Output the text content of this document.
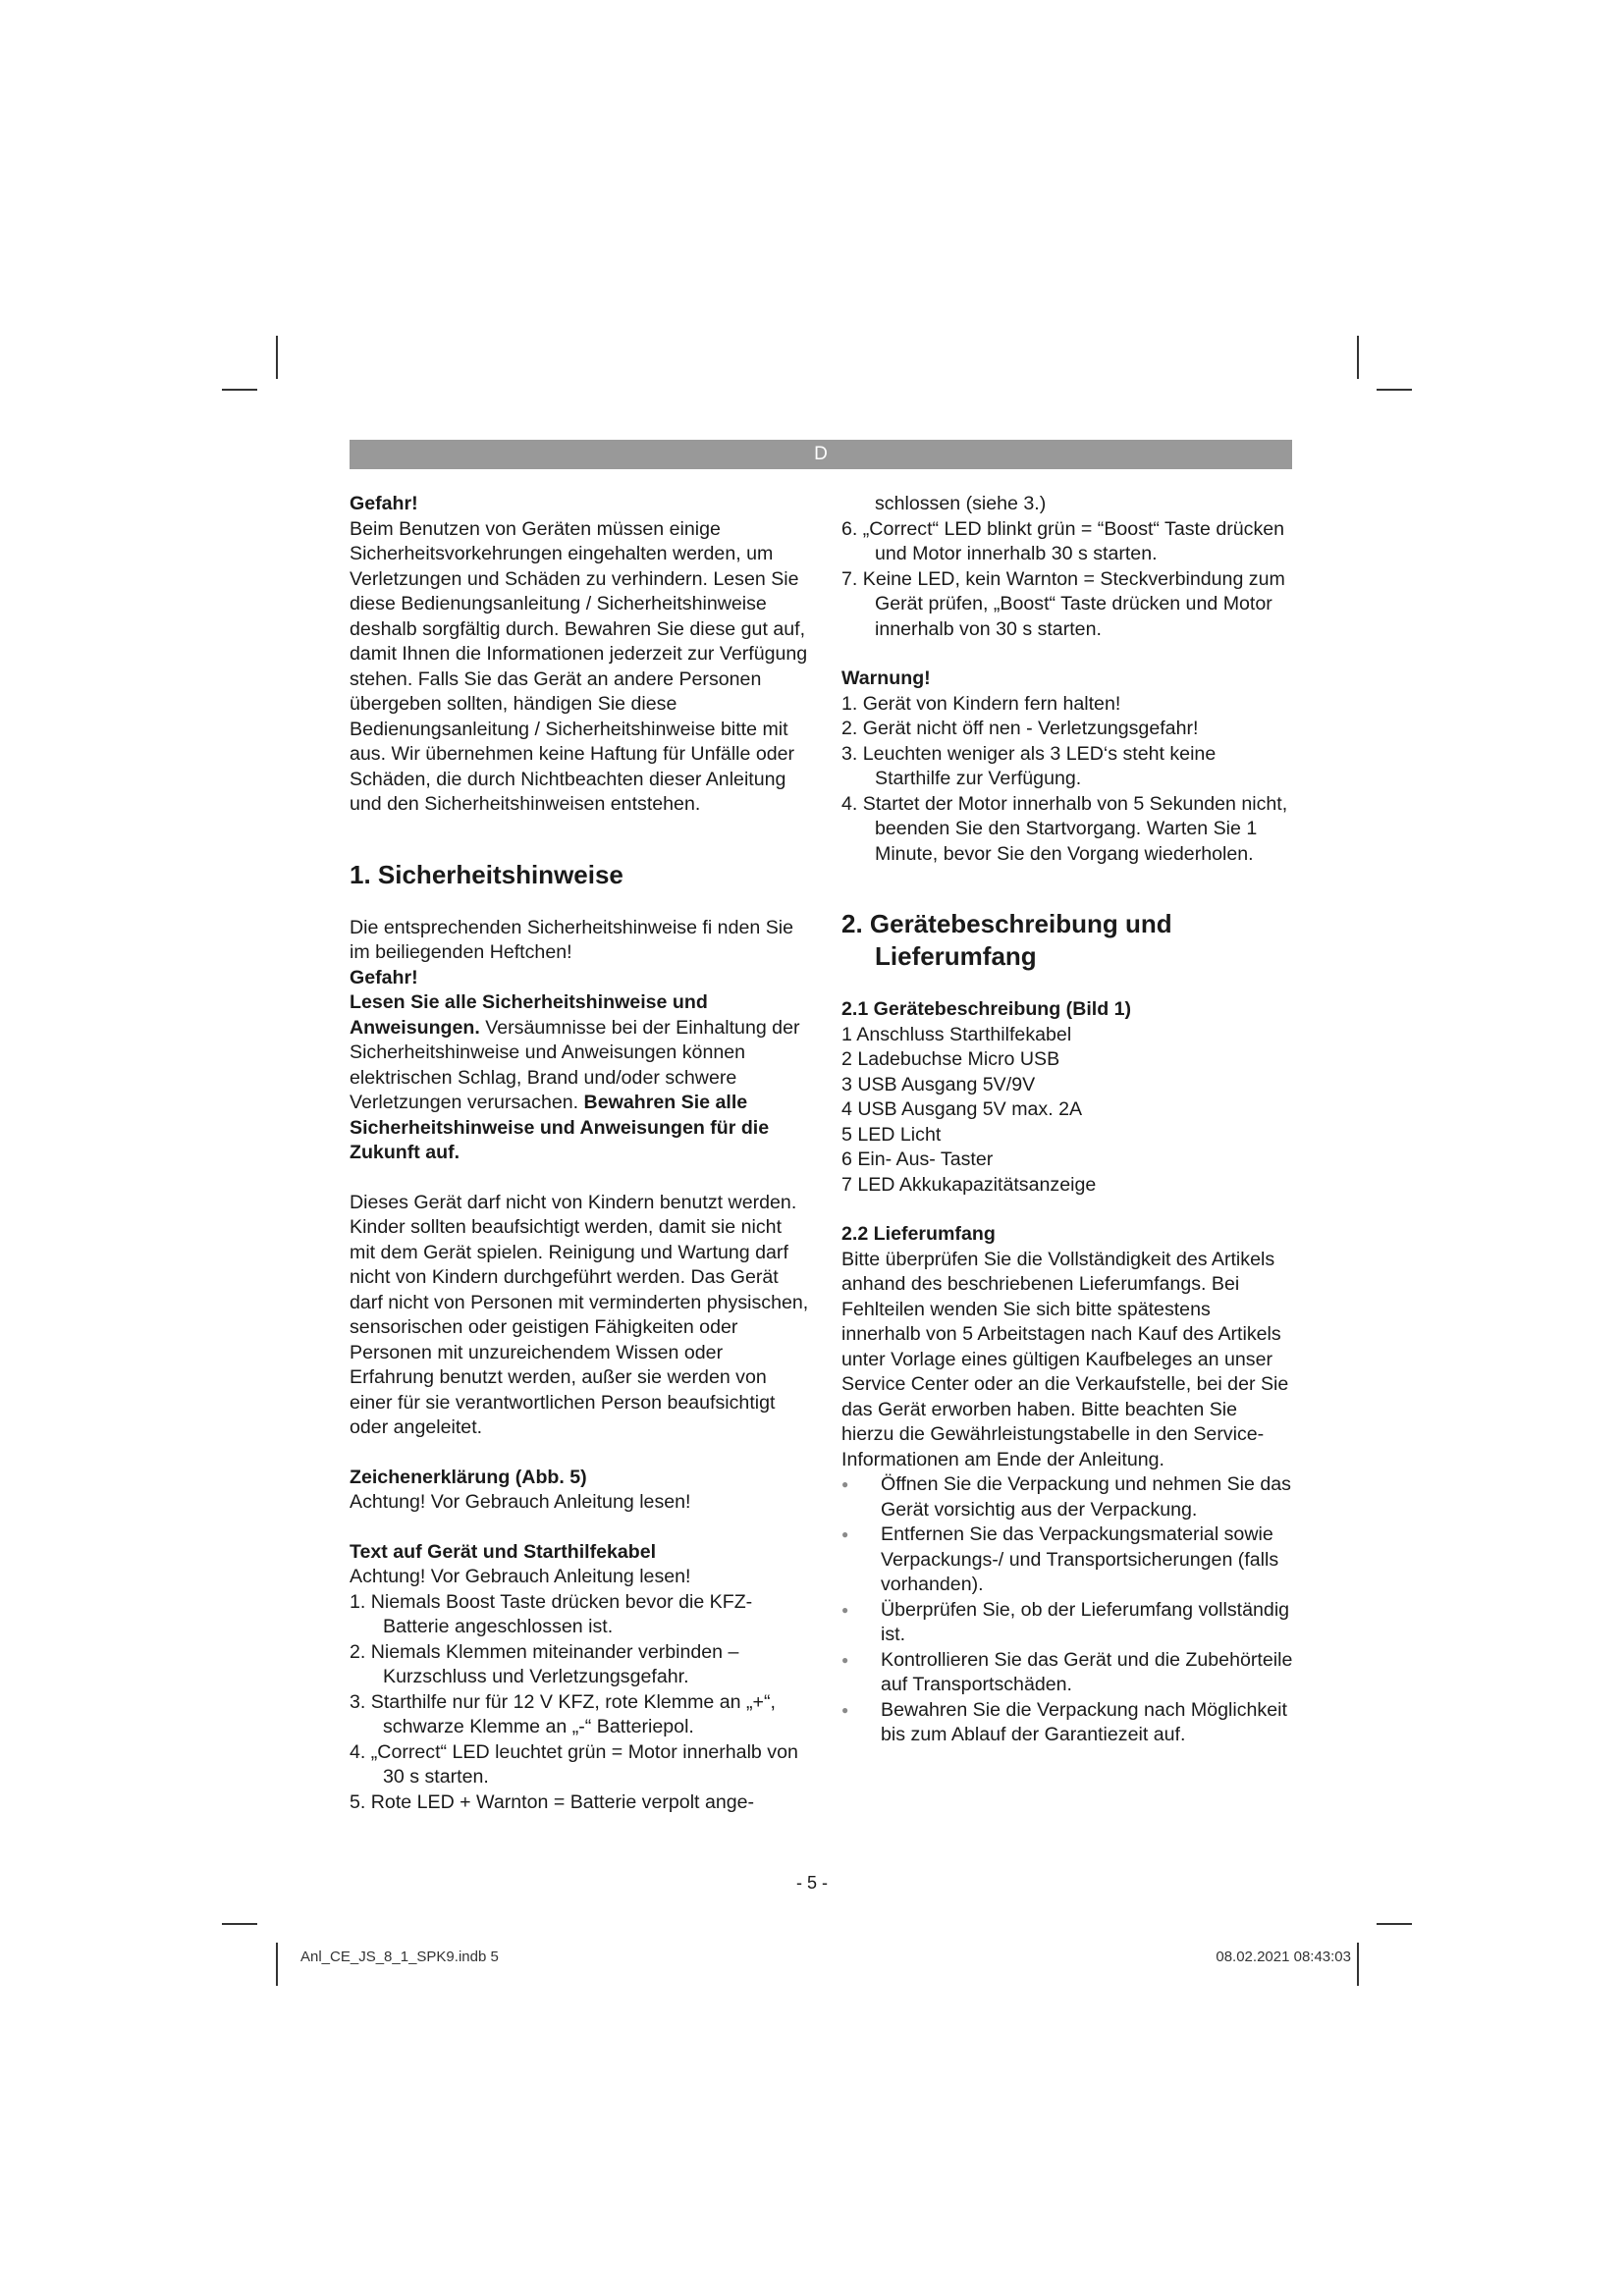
D

Gefahr!

Beim Benutzen von Geräten müssen einige Sicherheitsvorkehrungen eingehalten werden, um Verletzungen und Schäden zu verhindern. Lesen Sie diese Bedienungsanleitung / Sicherheitshinweise deshalb sorgfältig durch. Bewahren Sie diese gut auf, damit Ihnen die Informationen jederzeit zur Verfügung stehen. Falls Sie das Gerät an andere Personen übergeben sollten, händigen Sie diese Bedienungsanleitung / Sicherheitshinweise bitte mit aus. Wir übernehmen keine Haftung für Unfälle oder Schäden, die durch Nichtbeachten dieser Anleitung und den Sicherheitshinweisen entstehen.

1. Sicherheitshinweise

Die entsprechenden Sicherheitshinweise fi nden Sie im beiliegenden Heftchen!

Gefahr!

Lesen Sie alle Sicherheitshinweise und Anweisungen. Versäumnisse bei der Einhaltung der Sicherheitshinweise und Anweisungen können elektrischen Schlag, Brand und/oder schwere Verletzungen verursachen. Bewahren Sie alle Sicherheitshinweise und Anweisungen für die Zukunft auf.

Dieses Gerät darf nicht von Kindern benutzt werden. Kinder sollten beaufsichtigt werden, damit sie nicht mit dem Gerät spielen. Reinigung und Wartung darf nicht von Kindern durchgeführt werden. Das Gerät darf nicht von Personen mit verminderten physischen, sensorischen oder geistigen Fähigkeiten oder Personen mit unzureichendem Wissen oder Erfahrung benutzt werden, außer sie werden von einer für sie verantwortlichen Person beaufsichtigt oder angeleitet.

Zeichenerklärung (Abb. 5)

Achtung! Vor Gebrauch Anleitung lesen!

Text auf Gerät und Starthilfekabel

Achtung! Vor Gebrauch Anleitung lesen!

1. Niemals Boost Taste drücken bevor die KFZ-Batterie angeschlossen ist.
2. Niemals Klemmen miteinander verbinden – Kurzschluss und Verletzungsgefahr.
3. Starthilfe nur für 12 V KFZ, rote Klemme an „+“, schwarze Klemme an „-“ Batteriepol.
4. „Correct“ LED leuchtet grün = Motor innerhalb von 30 s starten.
5. Rote LED + Warnton = Batterie verpolt ange-

schlossen (siehe 3.)

6. „Correct“ LED blinkt grün = “Boost“ Taste drücken und Motor innerhalb 30 s starten.
7. Keine LED, kein Warnton = Steckverbindung zum Gerät prüfen, „Boost“ Taste drücken und Motor innerhalb von 30 s starten.

Warnung!

1. Gerät von Kindern fern halten!
2. Gerät nicht öff nen - Verletzungsgefahr!
3. Leuchten weniger als 3 LED‘s steht keine Starthilfe zur Verfügung.
4. Startet der Motor innerhalb von 5 Sekunden nicht, beenden Sie den Startvorgang. Warten Sie 1 Minute, bevor Sie den Vorgang wiederholen.
2. Gerätebeschreibung und
Lieferumfang

2.1 Gerätebeschreibung (Bild 1)

1 Anschluss Starthilfekabel
2 Ladebuchse Micro USB
3 USB Ausgang 5V/9V
4 USB Ausgang 5V max. 2A
5 LED Licht
6 Ein- Aus- Taster
7 LED Akkukapazitätsanzeige

2.2 Lieferumfang

Bitte überprüfen Sie die Vollständigkeit des Artikels anhand des beschriebenen Lieferumfangs. Bei Fehlteilen wenden Sie sich bitte spätestens innerhalb von 5 Arbeitstagen nach Kauf des Artikels unter Vorlage eines gültigen Kaufbeleges an unser Service Center oder an die Verkaufstelle, bei der Sie das Gerät erworben haben. Bitte beachten Sie hierzu die Gewährleistungstabelle in den Service-Informationen am Ende der Anleitung.

● Öffnen Sie die Verpackung und nehmen Sie das Gerät vorsichtig aus der Verpackung.
● Entfernen Sie das Verpackungsmaterial sowie Verpackungs-/ und Transportsicherungen (falls vorhanden).
● Überprüfen Sie, ob der Lieferumfang vollständig ist.
● Kontrollieren Sie das Gerät und die Zubehörteile auf Transportschäden.
● Bewahren Sie die Verpackung nach Möglichkeit bis zum Ablauf der Garantiezeit auf.
- 5 -
Anl_CE_JS_8_1_SPK9.indb 5	08.02.2021 08:43:03
